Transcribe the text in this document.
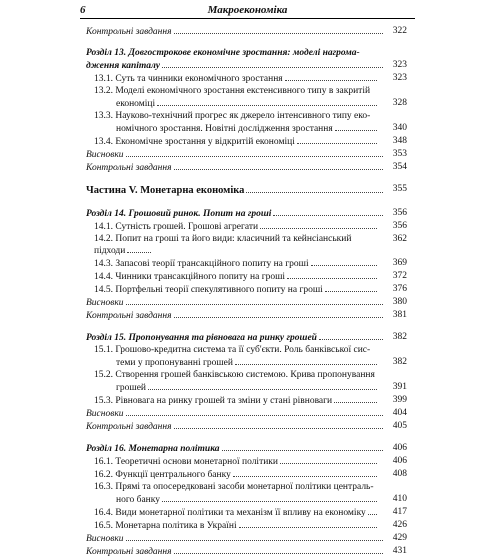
6	Макроекономіка
Контрольні завдання	322
Розділ 13. Довгострокове економічне зростання: моделі нагрома-
дження капіталу	323
13.1. Суть та чинники економічного зростання	323
13.2. Моделі економічного зростання екстенсивного типу в закритій
економіці	328
13.3. Науково-технічний прогрес як джерело інтенсивного типу еко-
номічного зростання. Новітні дослідження зростання	340
13.4. Економічне зростання у відкритій економіці	348
Висновки	353
Контрольні завдання	354
Частина V. Монетарна економіка	355
Розділ 14. Грошовий ринок. Попит на гроші	356
14.1. Сутність грошей. Грошові агрегати	356
14.2. Попит на гроші та його види: класичний та кейнсіанський підходи
362
14.3. Запасові теорії трансакційного попиту на гроші	369
14.4. Чинники трансакційного попиту на гроші	372
14.5. Портфельні теорії спекулятивного попиту на гроші	376
Висновки	380
Контрольні завдання	381
Розділ 15. Пропонування та рівновага на ринку грошей	382
15.1. Грошово-кредитна система та її суб'єкти. Роль банківської сис-
теми у пропонуванні грошей	382
15.2. Створення грошей банківською системою. Крива пропонування
грошей	391
15.3. Рівновага на ринку грошей та зміни у стані рівноваги	399
Висновки	404
Контрольні завдання	405
Розділ 16. Монетарна політика	406
16.1. Теоретичні основи монетарної політики	406
16.2. Функції центрального банку	408
16.3. Прямі та опосередковані засоби монетарної політики централь-
ного банку	410
16.4. Види монетарної політики та механізм її впливу на економіку	417
16.5. Монетарна політика в Україні	426
Висновки	429
Контрольні завдання	431
